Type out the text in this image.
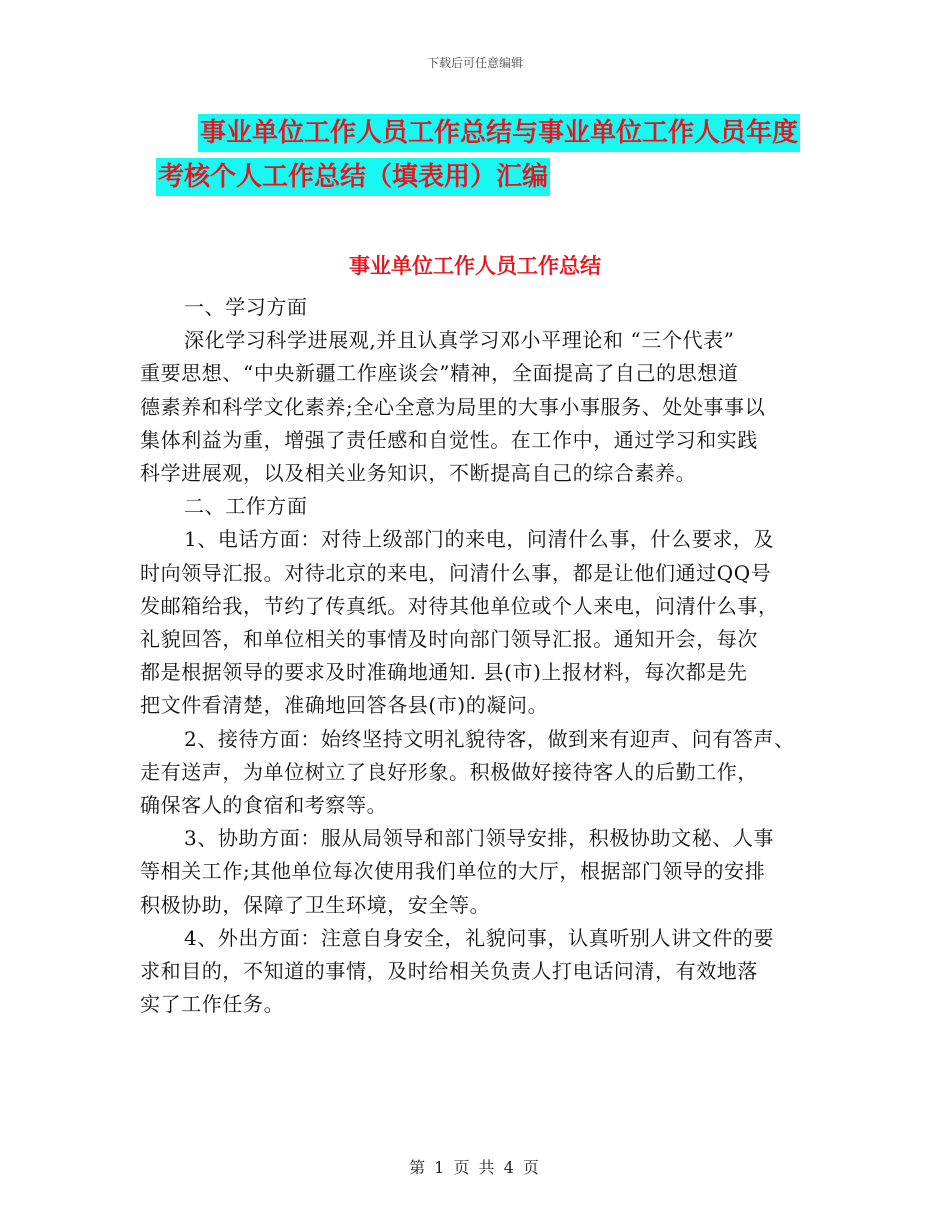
下载后可任意编辑
事业单位工作人员工作总结与事业单位工作人员年度
考核个人工作总结（填表用）汇编
事业单位工作人员工作总结

一、学习方面

深化学习科学进展观,并且认真学习邓小平理论和 “三个代表”

重要思想、“中央新疆工作座谈会”精神，全面提高了自己的思想道

德素养和科学文化素养;全心全意为局里的大事小事服务、处处事事以

集体利益为重，增强了责任感和自觉性。在工作中，通过学习和实践

科学进展观，以及相关业务知识，不断提高自己的综合素养。

二、工作方面

1、电话方面：对待上级部门的来电，问清什么事，什么要求，及

时向领导汇报。对待北京的来电，问清什么事，都是让他们通过QQ号

发邮箱给我，节约了传真纸。对待其他单位或个人来电，问清什么事，

礼貌回答，和单位相关的事情及时向部门领导汇报。通知开会，每次

都是根据领导的要求及时准确地通知. 县(市)上报材料，每次都是先

把文件看清楚，准确地回答各县(市)的凝问。

2、接待方面：始终坚持文明礼貌待客，做到来有迎声、问有答声、

走有送声，为单位树立了良好形象。积极做好接待客人的后勤工作，

确保客人的食宿和考察等。

3、协助方面：服从局领导和部门领导安排，积极协助文秘、人事

等相关工作;其他单位每次使用我们单位的大厅，根据部门领导的安排

积极协助，保障了卫生环境，安全等。

4、外出方面：注意自身安全，礼貌问事，认真听别人讲文件的要

求和目的，不知道的事情，及时给相关负责人打电话问清，有效地落

实了工作任务。

第 1 页 共 4 页
